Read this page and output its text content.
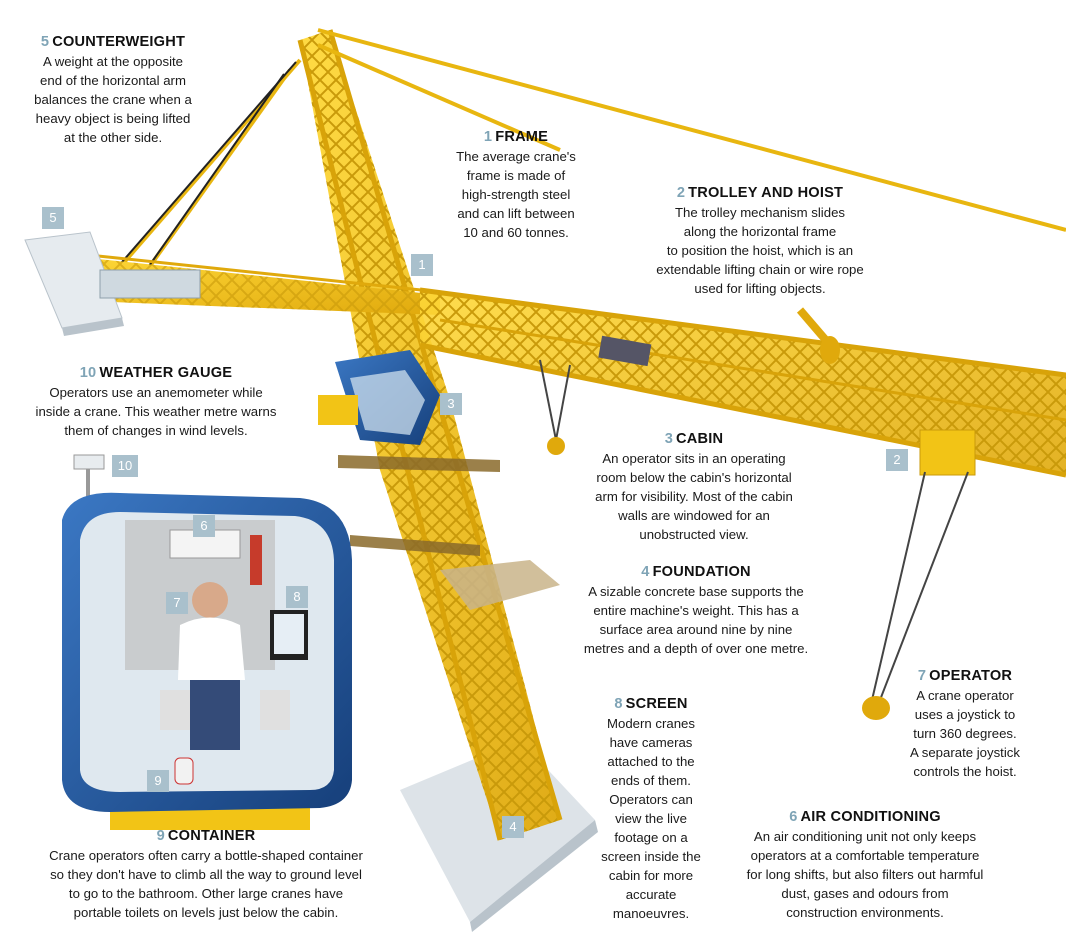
5
1
2
3
10
6
7	8
9
4
5 COUNTERWEIGHT
A weight at the opposite
end of the horizontal arm
balances the crane when a
heavy object is being lifted
at the other side.	1 FRAME
The average crane's
frame is made of
high-strength steel
and can lift between
10 and 60 tonnes.
2 TROLLEY AND HOIST
The trolley mechanism slides
along the horizontal frame
to position the hoist, which is an
extendable lifting chain or wire rope
used for lifting objects.
10 WEATHER GAUGE
Operators use an anemometer while
inside a crane. This weather metre warns
them of changes in wind levels.
3 CABIN
An operator sits in an operating
room below the cabin's horizontal
arm for visibility. Most of the cabin
walls are windowed for an
unobstructed view.
4 FOUNDATION
A sizable concrete base supports the
entire machine's weight. This has a
surface area around nine by nine
metres and a depth of over one metre.
7 OPERATOR
A crane operator
uses a joystick to
turn 360 degrees.
A separate joystick
controls the hoist.
8 SCREEN
Modern cranes
have cameras
attached to the
ends of them.
Operators can
view the live
footage on a
screen inside the
cabin for more
accurate
manoeuvres.
6 AIR CONDITIONING
An air conditioning unit not only keeps
operators at a comfortable temperature
for long shifts, but also filters out harmful
dust, gases and odours from
construction environments.
9 CONTAINER
Crane operators often carry a bottle-shaped container
so they don't have to climb all the way to ground level
to go to the bathroom. Other large cranes have
portable toilets on levels just below the cabin.
